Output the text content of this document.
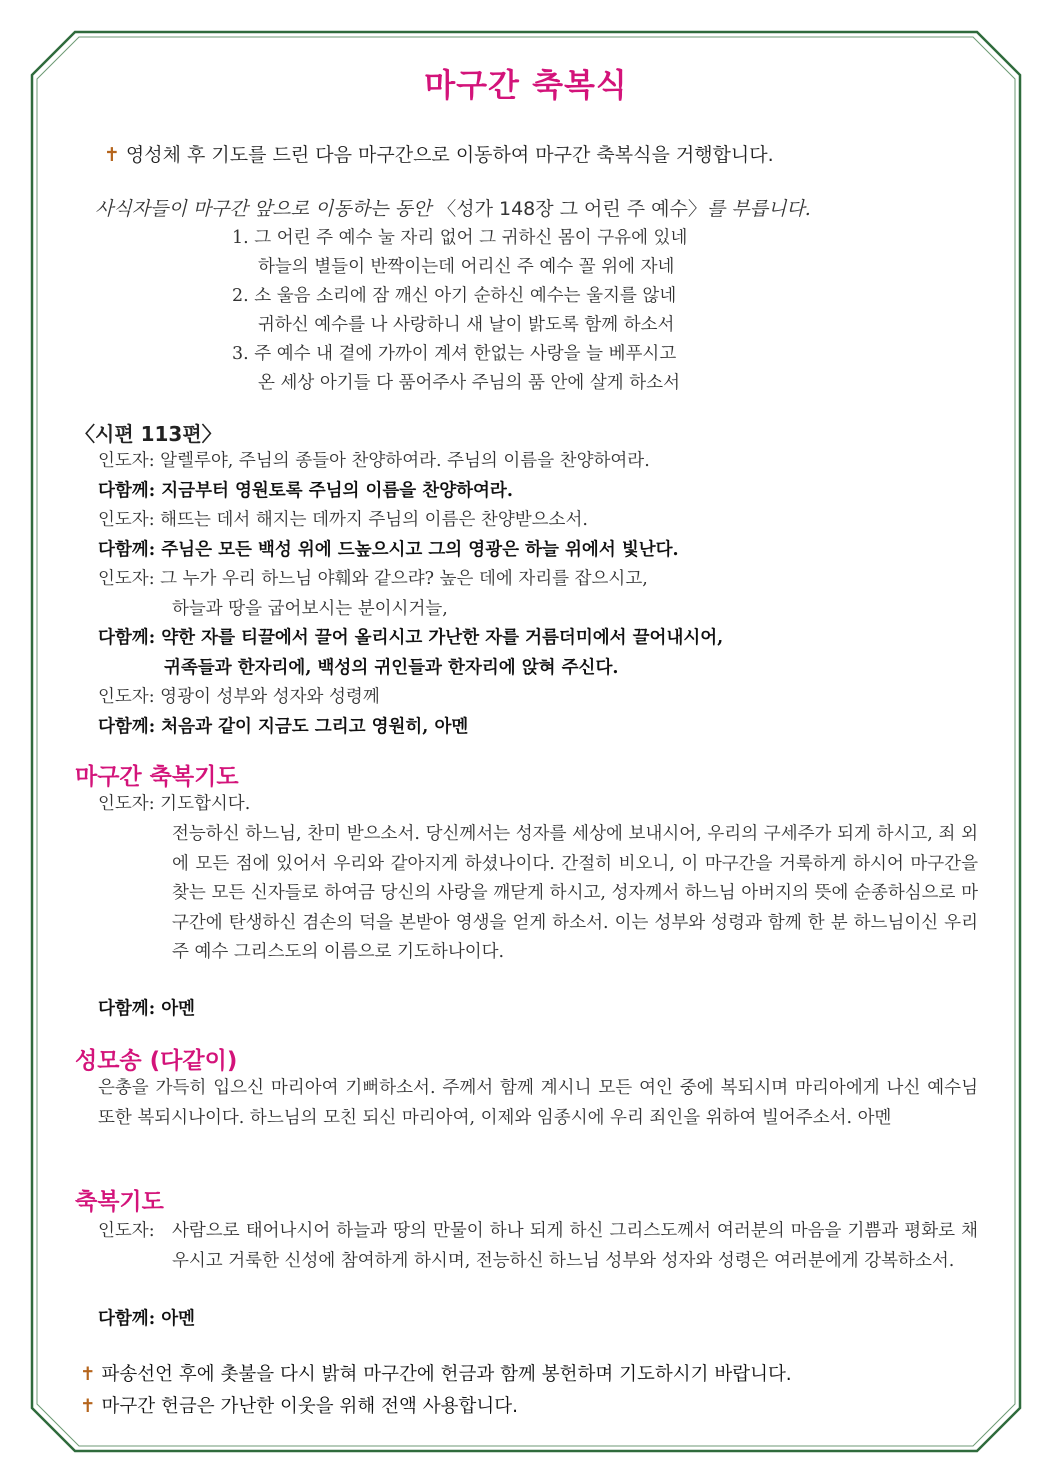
마구간 축복식
✝ 영성체 후 기도를 드린 다음 마구간으로 이동하여 마구간 축복식을 거행합니다.
사식자들이 마구간 앞으로 이동하는 동안 〈성가 148장 그 어린 주 예수〉를 부릅니다.
1. 그 어린 주 예수 눌 자리 없어 그 귀하신 몸이 구유에 있네
하늘의 별들이 반짝이는데 어리신 주 예수 꼴 위에 자네
2. 소 울음 소리에 잠 깨신 아기 순하신 예수는 울지를 않네
귀하신 예수를 나 사랑하니 새 날이 밝도록 함께 하소서
3. 주 예수 내 곁에 가까이 계셔 한없는 사랑을 늘 베푸시고
온 세상 아기들 다 품어주사 주님의 품 안에 살게 하소서
〈시편 113편〉
인도자: 알렐루야, 주님의 종들아 찬양하여라. 주님의 이름을 찬양하여라.
다함께: 지금부터 영원토록 주님의 이름을 찬양하여라.
인도자: 해뜨는 데서 해지는 데까지 주님의 이름은 찬양받으소서.
다함께: 주님은 모든 백성 위에 드높으시고 그의 영광은 하늘 위에서 빛난다.
인도자: 그 누가 우리 하느님 야훼와 같으랴? 높은 데에 자리를 잡으시고,
하늘과 땅을 굽어보시는 분이시거늘,
다함께: 약한 자를 티끌에서 끌어 올리시고 가난한 자를 거름더미에서 끌어내시어,
귀족들과 한자리에, 백성의 귀인들과 한자리에 앉혀 주신다.
인도자: 영광이 성부와 성자와 성령께
다함께: 처음과 같이 지금도 그리고 영원히, 아멘
마구간 축복기도
인도자: 기도합시다.
전능하신 하느님, 찬미 받으소서. 당신께서는 성자를 세상에 보내시어, 우리의 구세주가 되게 하시고, 죄 외에 모든 점에 있어서 우리와 같아지게 하셨나이다. 간절히 비오니, 이 마구간을 거룩하게 하시어 마구간을 찾는 모든 신자들로 하여금 당신의 사랑을 깨닫게 하시고, 성자께서 하느님 아버지의 뜻에 순종하심으로 마구간에 탄생하신 겸손의 덕을 본받아 영생을 얻게 하소서. 이는 성부와 성령과 함께 한 분 하느님이신 우리 주 예수 그리스도의 이름으로 기도하나이다.
다함께: 아멘
성모송 (다같이)
은총을 가득히 입으신 마리아여 기뻐하소서. 주께서 함께 계시니 모든 여인 중에 복되시며 마리아에게 나신 예수님 또한 복되시나이다. 하느님의 모친 되신 마리아여, 이제와 임종시에 우리 죄인을 위하여 빌어주소서. 아멘
축복기도
인도자: 사람으로 태어나시어 하늘과 땅의 만물이 하나 되게 하신 그리스도께서 여러분의 마음을 기쁨과 평화로 채우시고 거룩한 신성에 참여하게 하시며, 전능하신 하느님 성부와 성자와 성령은 여러분에게 강복하소서.
다함께: 아멘
✝ 파송선언 후에 촛불을 다시 밝혀 마구간에 헌금과 함께 봉헌하며 기도하시기 바랍니다.
✝ 마구간 헌금은 가난한 이웃을 위해 전액 사용합니다.
